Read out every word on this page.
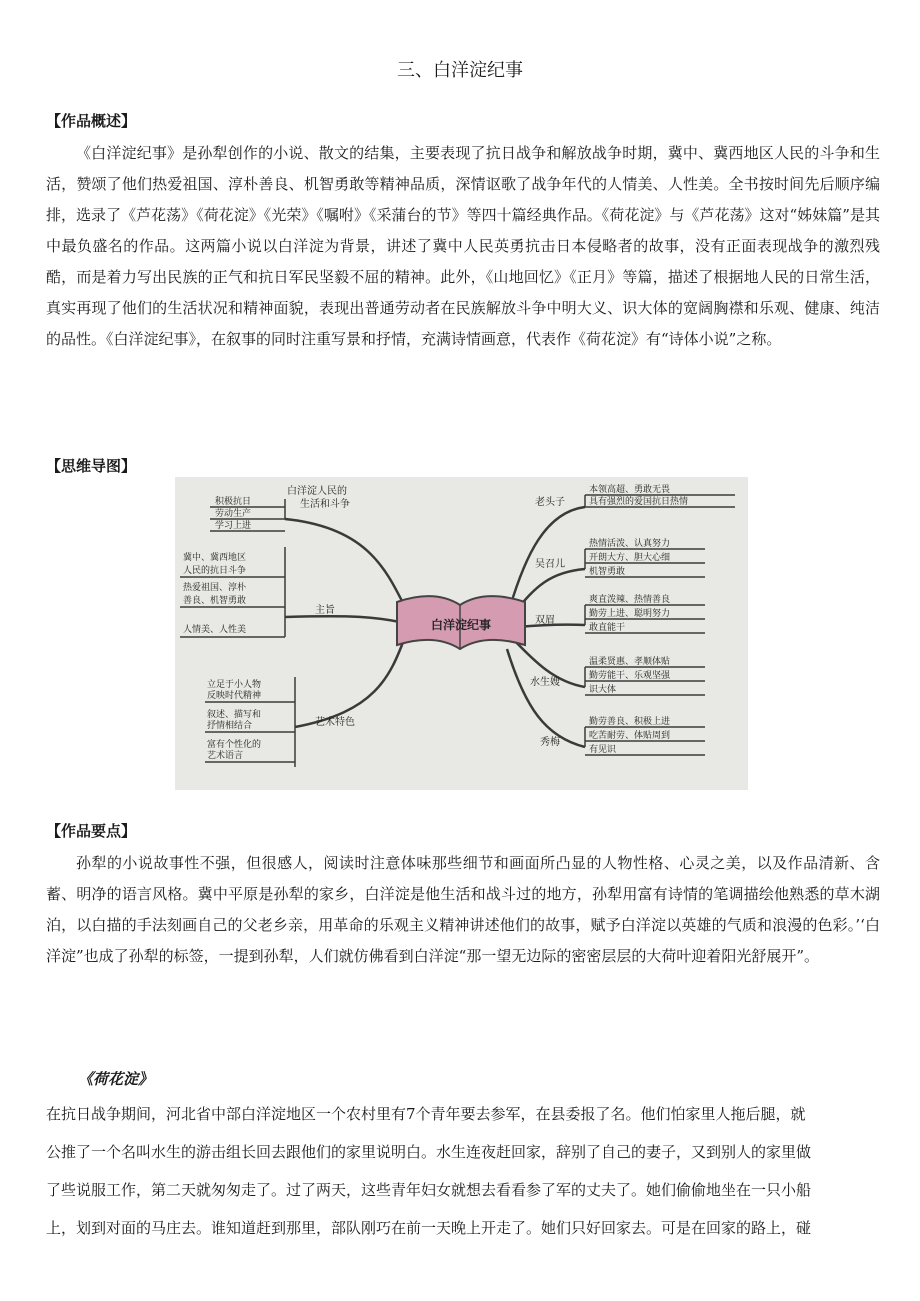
三、白洋淀纪事
【作品概述】

《白洋淀纪事》是孙犁创作的小说、散文的结集，主要表现了抗日战争和解放战争时期，冀中、冀西地区人民的斗争和生活，赞颂了他们热爱祖国、淳朴善良、机智勇敢等精神品质，深情讴歌了战争年代的人情美、人性美。全书按时间先后顺序编排，选录了《芦花荡》《荷花淀》《光荣》《嘱咐》《采蒲台的节》等四十篇经典作品。《荷花淀》与《芦花荡》这对“姊妹篇”是其中最负盛名的作品。这两篇小说以白洋淀为背景，讲述了冀中人民英勇抗击日本侵略者的故事，没有正面表现战争的激烈残酷，而是着力写出民族的正气和抗日军民坚毅不屈的精神。此外，《山地回忆》《正月》等篇，描述了根据地人民的日常生活，真实再现了他们的生活状况和精神面貌，表现出普通劳动者在民族解放斗争中明大义、识大体的宽阔胸襟和乐观、健康、纯洁的品性。《白洋淀纪事》，在叙事的同时注重写景和抒情，充满诗情画意，代表作《荷花淀》有“诗体小说”之称。

【思维导图】
白洋淀纪事
白洋淀人民的
生活和斗争
积极抗日
劳动生产
学习上进
主旨
冀中、冀西地区
人民的抗日斗争
热爱祖国、淳朴
善良、机智勇敢
人情美、人性美
艺术特色
立足于小人物
反映时代精神
叙述、描写和
抒情相结合
富有个性化的
艺术语言
老头子
本领高超、勇敢无畏
具有强烈的爱国抗日热情
吴召儿
热情活泼、认真努力
开朗大方、胆大心细
机智勇敢
双眉
爽直泼辣、热情善良
勤劳上进、聪明努力
敢直能干
水生嫂
温柔贤惠、孝顺体贴
勤劳能干、乐观坚强
识大体
秀梅
勤劳善良、积极上进
吃苦耐劳、体贴周到
有见识
【作品要点】

孙犁的小说故事性不强，但很感人，阅读时注意体味那些细节和画面所凸显的人物性格、心灵之美，以及作品清新、含蓄、明净的语言风格。冀中平原是孙犁的家乡，白洋淀是他生活和战斗过的地方，孙犁用富有诗情的笔调描绘他熟悉的草木湖泊，以白描的手法刻画自己的父老乡亲，用革命的乐观主义精神讲述他们的故事，赋予白洋淀以英雄的气质和浪漫的色彩。’‘白洋淀”也成了孙犁的标签，一提到孙犁，人们就仿佛看到白洋淀“那一望无边际的密密层层的大荷叶迎着阳光舒展开”。

《荷花淀》
在抗日战争期间，河北省中部白洋淀地区一个农村里有7个青年要去参军，在县委报了名。他们怕家里人拖后腿，就
公推了一个名叫水生的游击组长回去跟他们的家里说明白。水生连夜赶回家，辞别了自己的妻子，又到别人的家里做
了些说服工作，第二天就匆匆走了。过了两天，这些青年妇女就想去看看参了军的丈夫了。她们偷偷地坐在一只小船
上，划到对面的马庄去。谁知道赶到那里，部队刚巧在前一天晚上开走了。她们只好回家去。可是在回家的路上，碰
